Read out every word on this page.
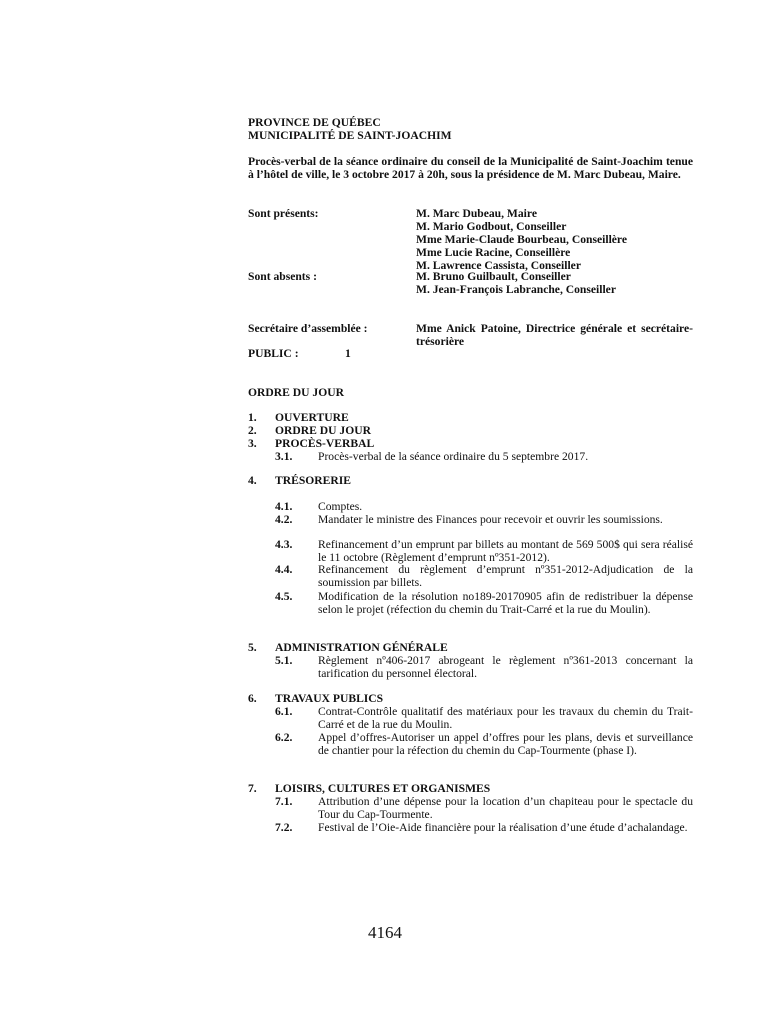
PROVINCE DE QUÉBEC
MUNICIPALITÉ DE SAINT-JOACHIM
Procès-verbal de la séance ordinaire du conseil de la Municipalité de Saint-Joachim tenue à l’hôtel de ville, le 3 octobre 2017 à 20h, sous la présidence de M. Marc Dubeau, Maire.
Sont présents:	M. Marc Dubeau, Maire
M. Mario Godbout, Conseiller
Mme Marie-Claude Bourbeau, Conseillère
Mme Lucie Racine, Conseillère
M. Lawrence Cassista, Conseiller
Sont absents :	M. Bruno Guilbault, Conseiller
M. Jean-François Labranche, Conseiller
Secrétaire d’assemblée :	Mme Anick Patoine, Directrice générale et secrétaire-trésorière
PUBLIC :	1
ORDRE DU JOUR
1. OUVERTURE
2. ORDRE DU JOUR
3. PROCÈS-VERBAL
3.1. Procès-verbal de la séance ordinaire du 5 septembre 2017.
4. TRÉSORERIE
4.1. Comptes.
4.2. Mandater le ministre des Finances pour recevoir et ouvrir les soumissions.
4.3. Refinancement d’un emprunt par billets au montant de 569 500$ qui sera réalisé le 11 octobre (Règlement d’emprunt nº351-2012).
4.4. Refinancement du règlement d’emprunt nº351-2012-Adjudication de la soumission par billets.
4.5. Modification de la résolution no189-20170905 afin de redistribuer la dépense selon le projet (réfection du chemin du Trait-Carré et la rue du Moulin).
5. ADMINISTRATION GÉNÉRALE
5.1. Règlement nº406-2017 abrogeant le règlement nº361-2013 concernant la tarification du personnel électoral.
6. TRAVAUX PUBLICS
6.1. Contrat-Contrôle qualitatif des matériaux pour les travaux du chemin du Trait-Carré et de la rue du Moulin.
6.2. Appel d’offres-Autoriser un appel d’offres pour les plans, devis et surveillance de chantier pour la réfection du chemin du Cap-Tourmente (phase I).
7. LOISIRS, CULTURES ET ORGANISMES
7.1. Attribution d’une dépense pour la location d’un chapiteau pour le spectacle du Tour du Cap-Tourmente.
7.2. Festival de l’Oie-Aide financière pour la réalisation d’une étude d’achalandage.
4164
